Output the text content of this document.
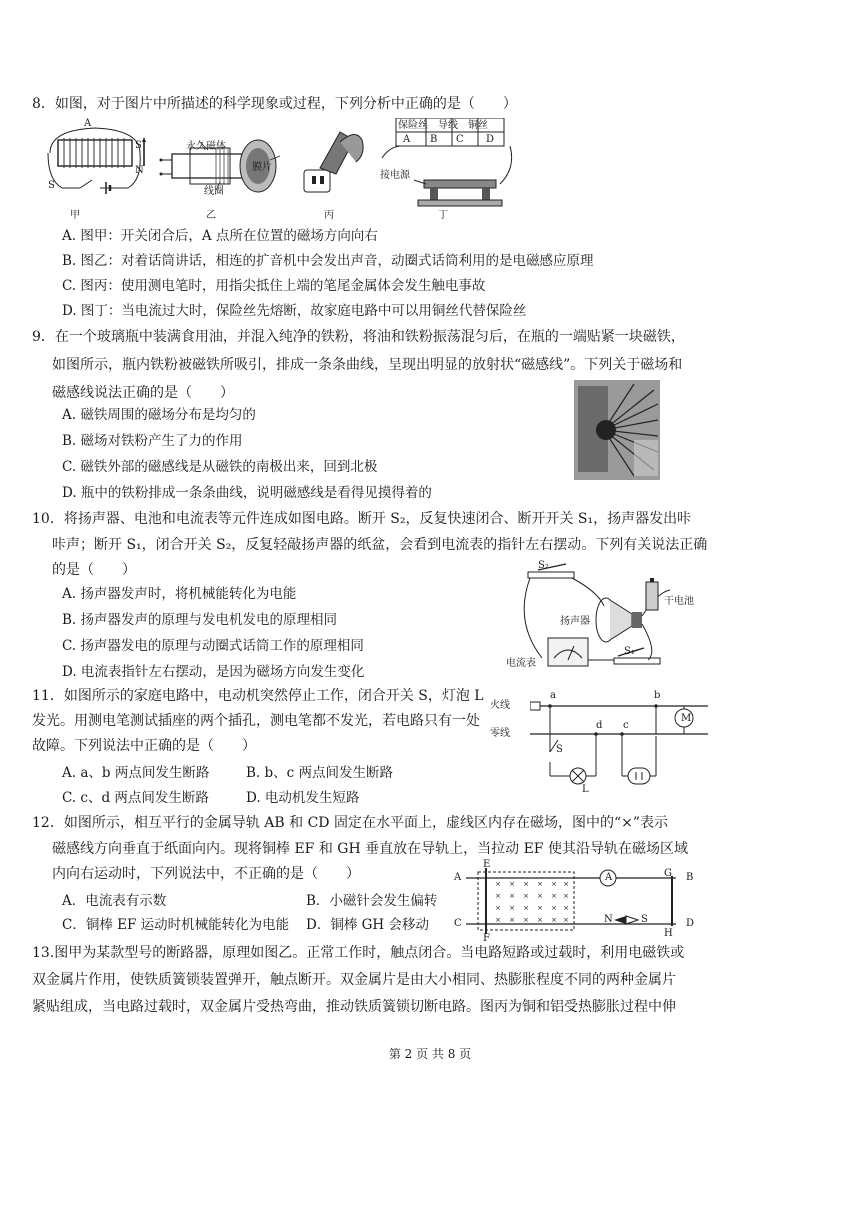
8．如图，对于图片中所描述的科学现象或过程，下列分析中正确的是（　　）
A
S
N
S
永久磁体
线圈
膜片
保险丝　导线　铜丝
A B C D
接电源
甲	乙	丙	丁
A. 图甲：开关闭合后，A 点所在位置的磁场方向向右
B. 图乙：对着话筒讲话，相连的扩音机中会发出声音，动圈式话筒利用的是电磁感应原理
C. 图丙：使用测电笔时，用指尖抵住上端的笔尾金属体会发生触电事故
D. 图丁：当电流过大时，保险丝先熔断，故家庭电路中可以用铜丝代替保险丝
9．在一个玻璃瓶中装满食用油，并混入纯净的铁粉，将油和铁粉振荡混匀后，在瓶的一端贴紧一块磁铁，
如图所示，瓶内铁粉被磁铁所吸引，排成一条条曲线，呈现出明显的放射状“磁感线”。下列关于磁场和
磁感线说法正确的是（　　）
A. 磁铁周围的磁场分布是均匀的
B. 磁场对铁粉产生了力的作用
C. 磁铁外部的磁感线是从磁铁的南极出来，回到北极
D. 瓶中的铁粉排成一条条曲线，说明磁感线是看得见摸得着的
10．将扬声器、电池和电流表等元件连成如图电路。断开 S₂，反复快速闭合、断开开关 S₁，扬声器发出咔
咔声；断开 S₁，闭合开关 S₂，反复轻敲扬声器的纸盆，会看到电流表的指针左右摆动。下列有关说法正确
的是（　　）
A. 扬声器发声时，将机械能转化为电能
B. 扬声器发声的原理与发电机发电的原理相同
C. 扬声器发电的原理与动圈式话筒工作的原理相同
D. 电流表指针左右摆动，是因为磁场方向发生变化
S₂
扬声器
干电池
S₁
电流表
11．如图所示的家庭电路中，电动机突然停止工作，闭合开关 S，灯泡 L
发光。用测电笔测试插座的两个插孔，测电笔都不发光，若电路只有一处
故障。下列说法中正确的是（　　）
A. a、b 两点间发生断路	B. b、c 两点间发生断路
C. c、d 两点间发生断路	D. 电动机发生短路
火线
零线
a	b
c
d
S
L
M
12．如图所示，相互平行的金属导轨 AB 和 CD 固定在水平面上，虚线区内存在磁场，图中的“×”表示
磁感线方向垂直于纸面向内。现将铜棒 EF 和 GH 垂直放在导轨上，当拉动 EF 使其沿导轨在磁场区域
内向右运动时，下列说法中，不正确的是（　　）
A．电流表有示数	B．小磁针会发生偏转
C．铜棒 EF 运动时机械能转化为电能 D．铜棒 GH 会移动
× × × × × ×
× × × × × ×
× × × × × ×
× × × × × ×
A	B
C	D
E
F
G
H
A
N	S
13.图甲为某款型号的断路器，原理如图乙。正常工作时，触点闭合。当电路短路或过载时，利用电磁铁或
双金属片作用，使铁质簧锁装置弹开，触点断开。双金属片是由大小相同、热膨胀程度不同的两种金属片
紧贴组成，当电路过载时，双金属片受热弯曲，推动铁质簧锁切断电路。图丙为铜和铝受热膨胀过程中伸
第 2 页 共 8 页
